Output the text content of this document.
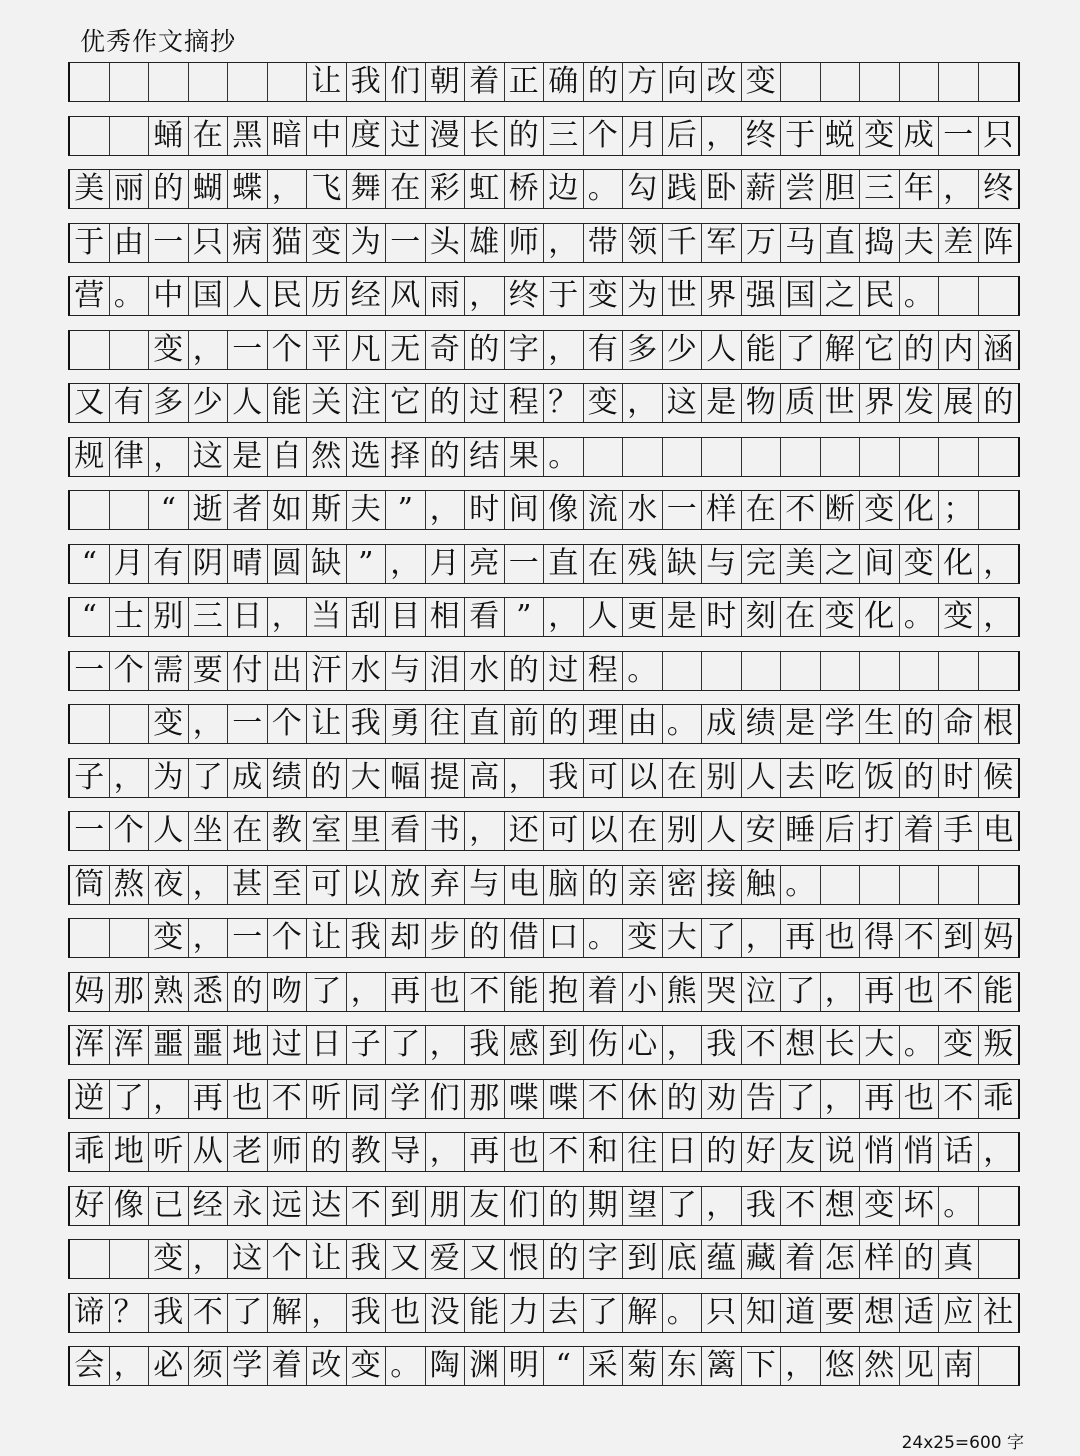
优秀作文摘抄
让 我 们 朝 着 正 确 的 方 向 改 变
蛹 在 黑 暗 中 度 过 漫 长 的 三 个 月 后 ， 终 于 蜕 变 成 一 只
美 丽 的 蝴 蝶 ， 飞 舞 在 彩 虹 桥 边 。 勾 践 卧 薪 尝 胆 三 年 ， 终
于 由 一 只 病 猫 变 为 一 头 雄 师 ， 带 领 千 军 万 马 直 捣 夫 差 阵
营 。 中 国 人 民 历 经 风 雨 ， 终 于 变 为 世 界 强 国 之 民 。
变 ， 一 个 平 凡 无 奇 的 字 ， 有 多 少 人 能 了 解 它 的 内 涵
又 有 多 少 人 能 关 注 它 的 过 程 ？ 变 ， 这 是 物 质 世 界 发 展 的
规 律 ， 这 是 自 然 选 择 的 结 果 。
“ 逝 者 如 斯 夫 ” ， 时 间 像 流 水 一 样 在 不 断 变 化 ；
“ 月 有 阴 晴 圆 缺 ” ， 月 亮 一 直 在 残 缺 与 完 美 之 间 变 化 ，
“ 士 别 三 日 ， 当 刮 目 相 看 ” ， 人 更 是 时 刻 在 变 化 。 变 ，
一 个 需 要 付 出 汗 水 与 泪 水 的 过 程 。
变 ， 一 个 让 我 勇 往 直 前 的 理 由 。 成 绩 是 学 生 的 命 根
子 ， 为 了 成 绩 的 大 幅 提 高 ， 我 可 以 在 别 人 去 吃 饭 的 时 候
一 个 人 坐 在 教 室 里 看 书 ， 还 可 以 在 别 人 安 睡 后 打 着 手 电
筒 熬 夜 ， 甚 至 可 以 放 弃 与 电 脑 的 亲 密 接 触 。
变 ， 一 个 让 我 却 步 的 借 口 。 变 大 了 ， 再 也 得 不 到 妈
妈 那 熟 悉 的 吻 了 ， 再 也 不 能 抱 着 小 熊 哭 泣 了 ， 再 也 不 能
浑 浑 噩 噩 地 过 日 子 了 ， 我 感 到 伤 心 ， 我 不 想 长 大 。 变 叛
逆 了 ， 再 也 不 听 同 学 们 那 喋 喋 不 休 的 劝 告 了 ， 再 也 不 乖
乖 地 听 从 老 师 的 教 导 ， 再 也 不 和 往 日 的 好 友 说 悄 悄 话 ，
好 像 已 经 永 远 达 不 到 朋 友 们 的 期 望 了 ， 我 不 想 变 坏 。
变 ， 这 个 让 我 又 爱 又 恨 的 字 到 底 蕴 藏 着 怎 样 的 真
谛 ？ 我 不 了 解 ， 我 也 没 能 力 去 了 解 。 只 知 道 要 想 适 应 社
会 ， 必 须 学 着 改 变 。 陶 渊 明 “ 采 菊 东 篱 下 ， 悠 然 见 南
24x25=600 字
